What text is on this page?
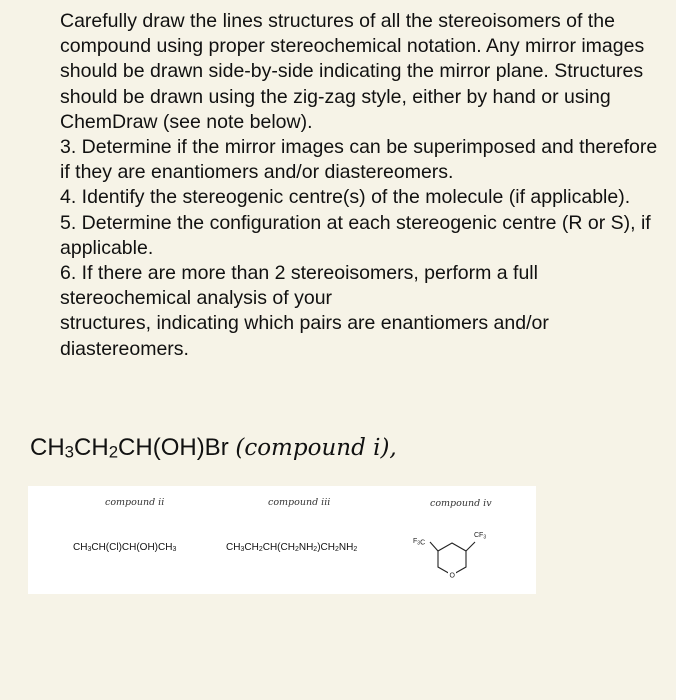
Carefully draw the lines structures of all the stereoisomers of the compound using proper stereochemical notation. Any mirror images should be drawn side-by-side indicating the mirror plane. Structures should be drawn using the zig-zag style, either by hand or using ChemDraw (see note below).

3. Determine if the mirror images can be superimposed and therefore if they are enantiomers and/or diastereomers.

4. Identify the stereogenic centre(s) of the molecule (if applicable).

5. Determine the configuration at each stereogenic centre (R or S), if applicable.

6. If there are more than 2 stereoisomers, perform a full stereochemical analysis of your

structures, indicating which pairs are enantiomers and/or diastereomers.

$CH_3CH_2CH(OH)Br$ (compound i),
compound ii
$CH_3CH(Cl)CH(OH)CH_3$
compound iii
$CH_3CH_2CH(CH_2NH_2)CH_2NH_2$
compound iv
$F_3C$
$CF_3$
O
